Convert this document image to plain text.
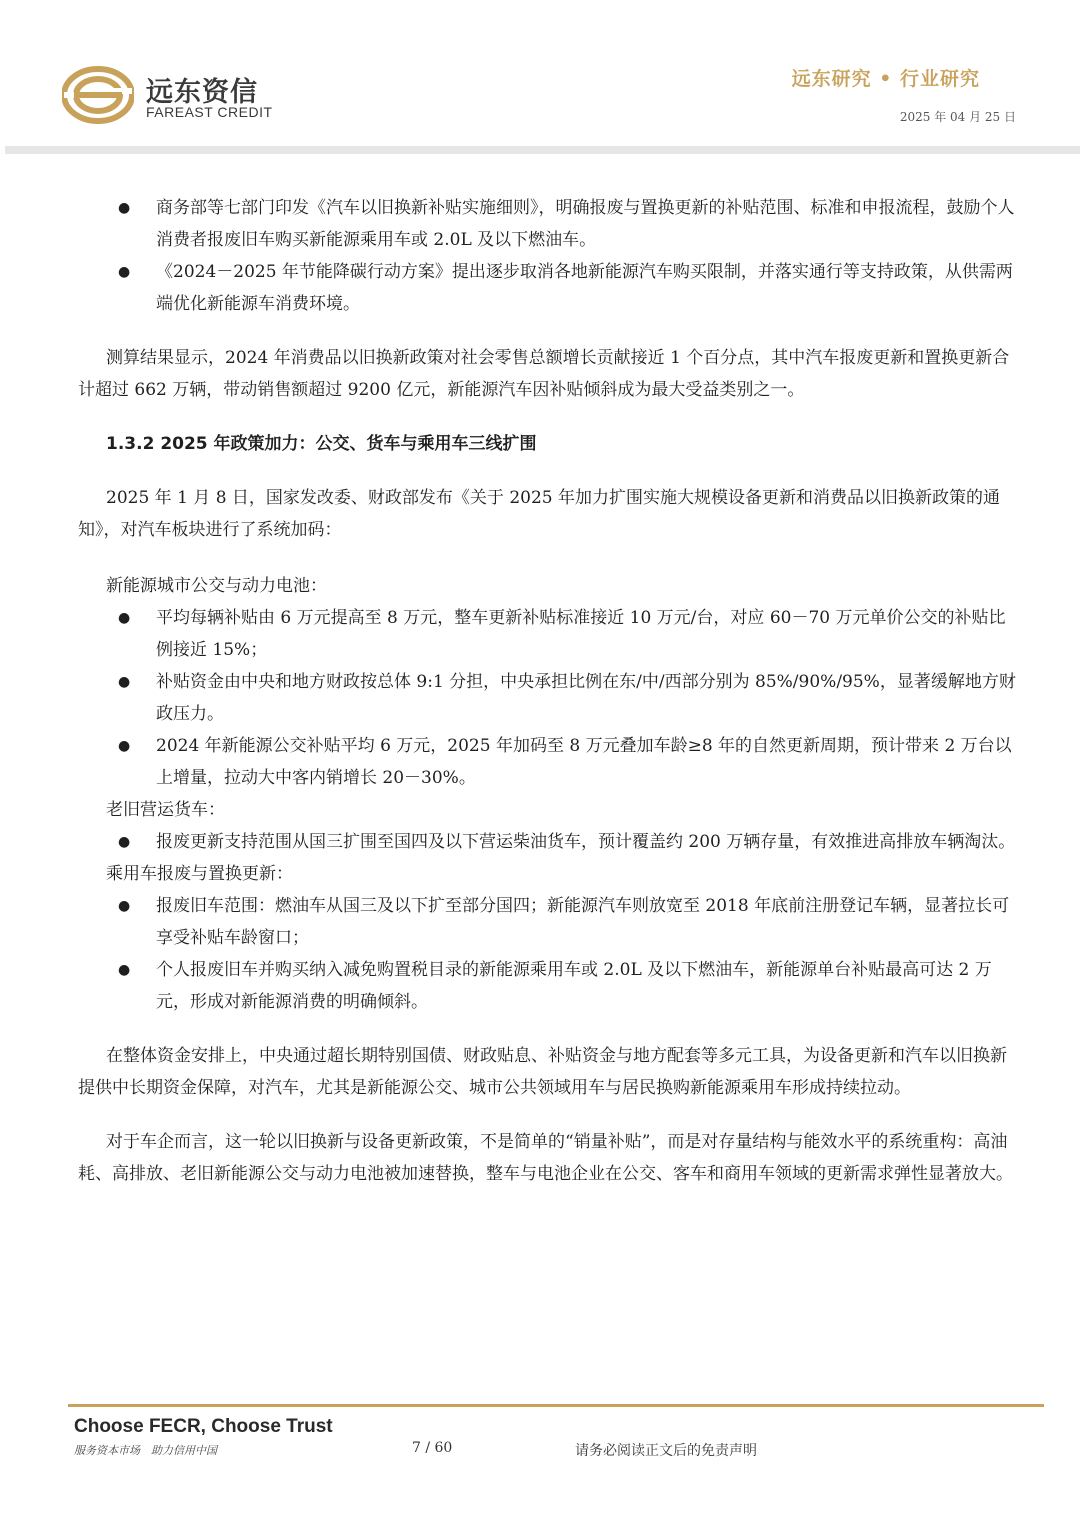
远东资信
FAREAST CREDIT
远东研究 • 行业研究
2025 年 04 月 25 日
● 商务部等七部门印发《汽车以旧换新补贴实施细则》，明确报废与置换更新的补贴范围、标准和申报流程，鼓励个人消费者报废旧车购买新能源乘用车或 2.0L 及以下燃油车。
● 《2024－2025 年节能降碳行动方案》提出逐步取消各地新能源汽车购买限制，并落实通行等支持政策，从供需两端优化新能源车消费环境。

测算结果显示，2024 年消费品以旧换新政策对社会零售总额增长贡献接近 1 个百分点，其中汽车报废更新和置换更新合计超过 662 万辆，带动销售额超过 9200 亿元，新能源汽车因补贴倾斜成为最大受益类别之一。

1.3.2 2025 年政策加力：公交、货车与乘用车三线扩围

2025 年 1 月 8 日，国家发改委、财政部发布《关于 2025 年加力扩围实施大规模设备更新和消费品以旧换新政策的通知》，对汽车板块进行了系统加码：

新能源城市公交与动力电池：
● 平均每辆补贴由 6 万元提高至 8 万元，整车更新补贴标准接近 10 万元/台，对应 60－70 万元单价公交的补贴比例接近 15%；
● 补贴资金由中央和地方财政按总体 9:1 分担，中央承担比例在东/中/西部分别为 85%/90%/95%，显著缓解地方财政压力。
● 2024 年新能源公交补贴平均 6 万元，2025 年加码至 8 万元叠加车龄≥8 年的自然更新周期，预计带来 2 万台以上增量，拉动大中客内销增长 20－30%。
老旧营运货车：
● 报废更新支持范围从国三扩围至国四及以下营运柴油货车，预计覆盖约 200 万辆存量，有效推进高排放车辆淘汰。
乘用车报废与置换更新：
● 报废旧车范围：燃油车从国三及以下扩至部分国四；新能源汽车则放宽至 2018 年底前注册登记车辆，显著拉长可享受补贴车龄窗口；
● 个人报废旧车并购买纳入减免购置税目录的新能源乘用车或 2.0L 及以下燃油车，新能源单台补贴最高可达 2 万元，形成对新能源消费的明确倾斜。

在整体资金安排上，中央通过超长期特别国债、财政贴息、补贴资金与地方配套等多元工具，为设备更新和汽车以旧换新提供中长期资金保障，对汽车，尤其是新能源公交、城市公共领域用车与居民换购新能源乘用车形成持续拉动。

对于车企而言，这一轮以旧换新与设备更新政策，不是简单的“销量补贴”，而是对存量结构与能效水平的系统重构：高油耗、高排放、老旧新能源公交与动力电池被加速替换，整车与电池企业在公交、客车和商用车领域的更新需求弹性显著放大。

Choose FECR, Choose Trust
服务资本市场　助力信用中国	7 / 60	请务必阅读正文后的免责声明
